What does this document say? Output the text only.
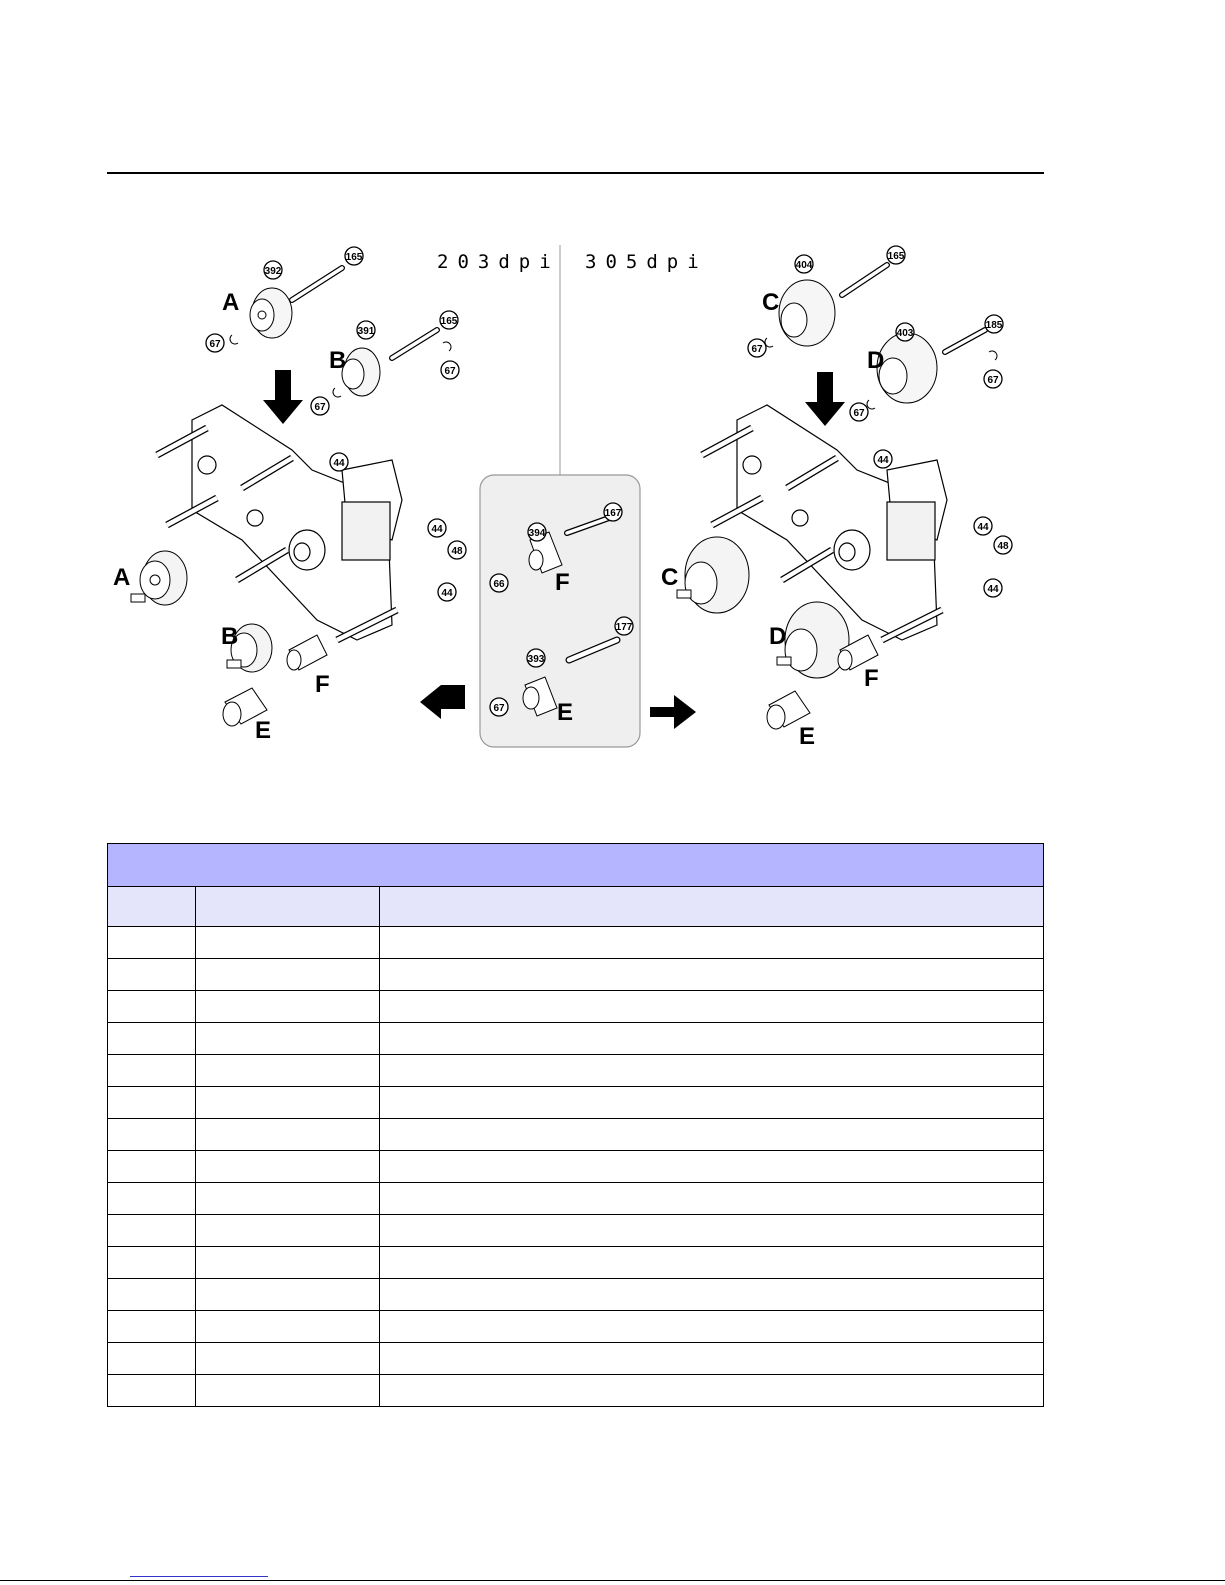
203dpi 305dpi
A
B
392
165
391
165
67
67
67
A
B
F
E
44
44
48
44	F
E
394
167
66
393
177
67
C
D
404
165
403
185
67
67
67
C
D
F
E
44
44
48
44
